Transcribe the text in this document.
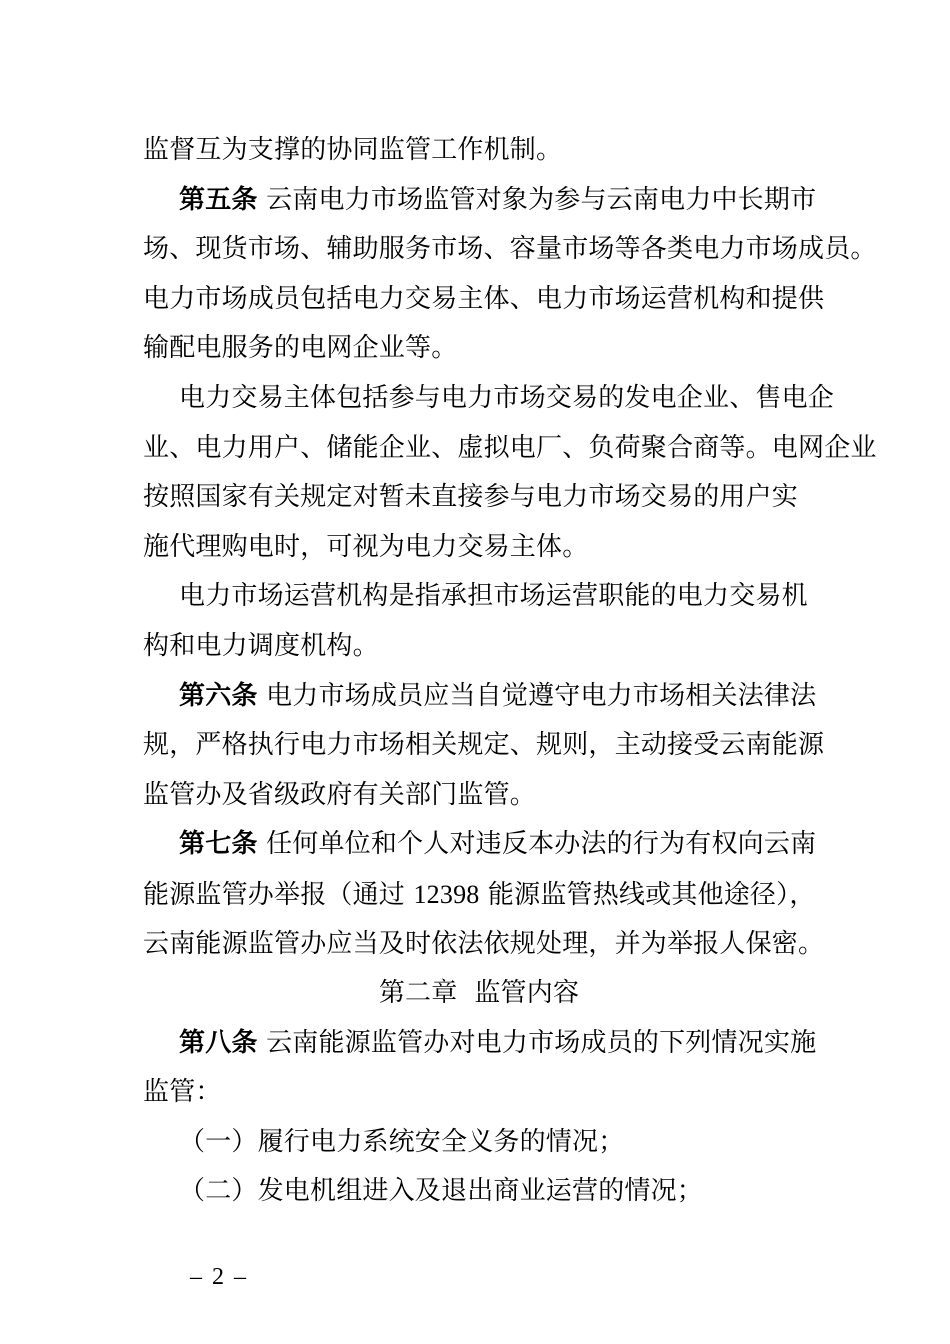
监督互为支撑的协同监管工作机制。
第五条 云南电力市场监管对象为参与云南电力中长期市
场、现货市场、辅助服务市场、容量市场等各类电力市场成员。
电力市场成员包括电力交易主体、电力市场运营机构和提供
输配电服务的电网企业等。
电力交易主体包括参与电力市场交易的发电企业、售电企
业、电力用户、储能企业、虚拟电厂、负荷聚合商等。电网企业
按照国家有关规定对暂未直接参与电力市场交易的用户实
施代理购电时，可视为电力交易主体。
电力市场运营机构是指承担市场运营职能的电力交易机
构和电力调度机构。
第六条 电力市场成员应当自觉遵守电力市场相关法律法
规，严格执行电力市场相关规定、规则，主动接受云南能源
监管办及省级政府有关部门监管。
第七条 任何单位和个人对违反本办法的行为有权向云南
能源监管办举报（通过 12398 能源监管热线或其他途径），
云南能源监管办应当及时依法依规处理，并为举报人保密。
第二章  监管内容
第八条 云南能源监管办对电力市场成员的下列情况实施
监管：
（一）履行电力系统安全义务的情况；
（二）发电机组进入及退出商业运营的情况；
– 2 –
